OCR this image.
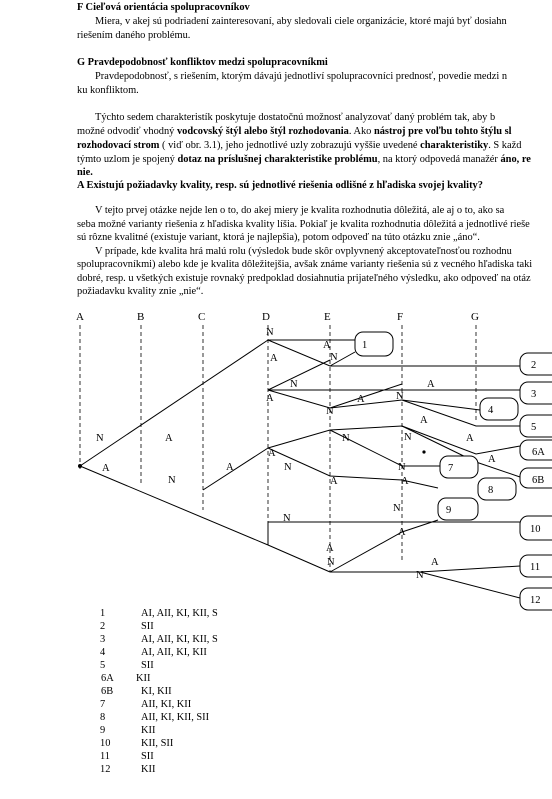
F Cieľová orientácia spolupracovníkov
Miera, v akej sú podriadení zainteresovaní, aby sledovali ciele organizácie, ktoré majú byť dosiahn
riešením daného problému.
G Pravdepodobnosť konfliktov medzi spolupracovníkmi
Pravdepodobnosť, s riešením, ktorým dávajú jednotliví spolupracovníci prednosť, povedie medzi n
ku konfliktom.
Týchto sedem charakteristík poskytuje dostatočnú možnosť analyzovať daný problém tak, aby b
možné odvodiť vhodný vodcovský štýl alebo štýl rozhodovania. Ako nástroj pre voľbu tohto štýlu sl
rozhodovací strom ( viď obr. 3.1), jeho jednotlivé uzly zobrazujú vyššie uvedené charakteristiky. S každ
týmto uzlom je spojený dotaz na príslušnej charakteristike problému, na ktorý odpovedá manažér áno, re
nie.
A Existujú požiadavky kvality, resp. sú jednotlivé riešenia odlišné z hľadiska svojej kvality?
V tejto prvej otázke nejde len o to, do akej miery je kvalita rozhodnutia dôležitá, ale aj o to, ako sa
seba možné varianty riešenia z hľadiska kvality líšia. Pokiaľ je kvalita rozhodnutia dôležitá a jednotlivé rieše
sú rôzne kvalitné (existuje variant, ktorá je najlepšia), potom odpoveď na túto otázku znie „áno“.
V prípade, kde kvalita hrá malú rolu (výsledok bude skôr ovplyvnený akceptovateľnosťou rozhodnu
spolupracovníkmi) alebo kde je kvalita dôležitejšia, avšak známe varianty riešenia sú z vecného hľadiska taki
dobré, resp. u všetkých existuje rovnaký predpoklad dosiahnutia prijateľného výsledku, ako odpoveď na otáz
požiadavku kvality znie „nie“.
A	B	C	D	E	F	G
N
A
A
N
A
N
A
N
A
A
N
N
A	N
A
A
N
A
N
A
N	A
A
N
A
N
N
A
A
N	A
N
1
2
3
4
5
6A
6B
7
8
9
10
11
12
1	AI, AII, KI, KII, S
2	SII
3	AI, AII, KI, KII, S
4	AI, AII, KI, KII
5	SII
6A KII
6B	KI, KII
7	AII, KI, KII
8	AII, KI, KII, SII
9	KII
10	KII, SII
11	SII
12	KII
